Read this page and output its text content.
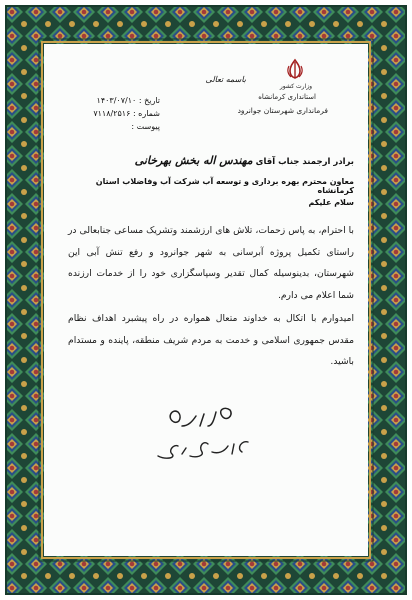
وزارت کشور
استانداری کرمانشاه
فرمانداری شهرستان جوانرود
باسمه تعالی
تاریخ : ۱۴۰۳/۰۷/۱۰
شماره : ۷۱۱۸/۲۵۱۶
پیوست :
برادر ارجمند جناب آقای مهندس اله بخش بهرخانی
معاون محترم بهره برداری و توسعه آب شرکت آب وفاضلاب استان کرمانشاه
سلام علیکم
با احترام، به پاس زحمات، تلاش های ارزشمند وتشریک مساعی جنابعالی در راستای تکمیل پروژه آبرسانی به شهر جوانرود و رفع تنش آبی این شهرستان، بدینوسیله کمال تقدیر وسپاسگزاری خود را از خدمات ارزنده شما اعلام می دارم.
امیدوارم با اتکال به خداوند متعال همواره در راه پیشبرد اهداف نظام مقدس جمهوری اسلامی و خدمت به مردم شریف منطقه، پاینده و مستدام باشید.
